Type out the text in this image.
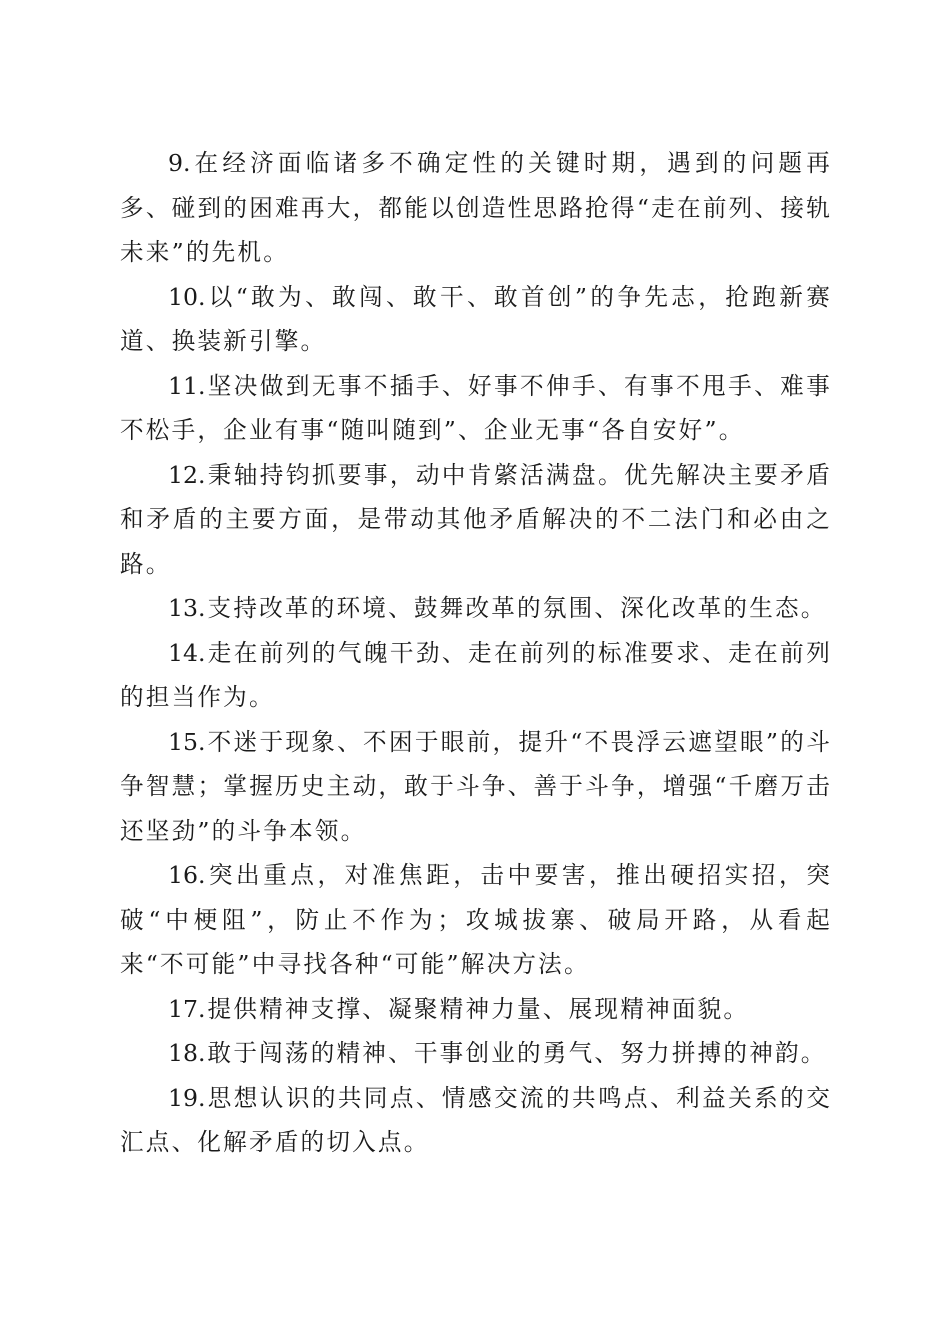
9.在经济面临诸多不确定性的关键时期，遇到的问题再多、碰到的困难再大，都能以创造性思路抢得“走在前列、接轨未来”的先机。

10.以“敢为、敢闯、敢干、敢首创”的争先志，抢跑新赛道、换装新引擎。

11.坚决做到无事不插手、好事不伸手、有事不甩手、难事不松手，企业有事“随叫随到”、企业无事“各自安好”。

12.秉轴持钧抓要事，动中肯綮活满盘。优先解决主要矛盾和矛盾的主要方面，是带动其他矛盾解决的不二法门和必由之路。

13.支持改革的环境、鼓舞改革的氛围、深化改革的生态。

14.走在前列的气魄干劲、走在前列的标准要求、走在前列的担当作为。

15.不迷于现象、不困于眼前，提升“不畏浮云遮望眼”的斗争智慧；掌握历史主动，敢于斗争、善于斗争，增强“千磨万击还坚劲”的斗争本领。

16.突出重点，对准焦距，击中要害，推出硬招实招，突破“中梗阻”，防止不作为；攻城拔寨、破局开路，从看起来“不可能”中寻找各种“可能”解决方法。

17.提供精神支撑、凝聚精神力量、展现精神面貌。

18.敢于闯荡的精神、干事创业的勇气、努力拼搏的神韵。

19.思想认识的共同点、情感交流的共鸣点、利益关系的交汇点、化解矛盾的切入点。
